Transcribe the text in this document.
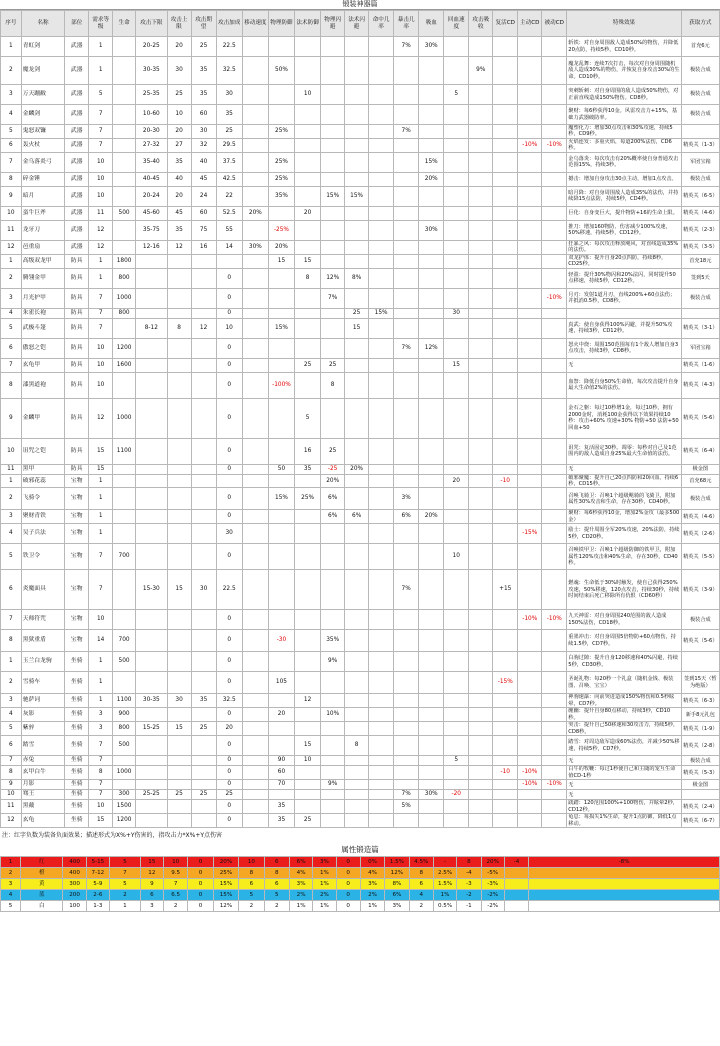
锻装神器篇
序号	名称	部位	需求等级	生命	攻击下限	攻击上限	攻击期望	攻击加成	移动速度	物理防御	法术防御	物理闪避	法术闪避	命中几率	暴击几率	吸血	回血速度	攻击吸收	复活CD	主动CD	被动CD	特殊效果	获取方式
1	青虹剑	武器	1		20-25	20	25	22.5							7%	30%						斩铁：对自身周围敌人造成50%的物伤，并降低20点防，持续5秒，CD10秒。	首充6元
2	魔龙剑	武器	1		30-35	30	35	32.5		50%								9%				魔龙乱舞：连续7次打击，每次对自身周围随机敌人造成30%的物伤，并恢复自身攻击30%的生命。CD10秒。	极装合成
3	万天蹦敝	武器	5		25-35	25	35	30			10						5					突刺斩刺：对自身周围的敌人造成50%物伤，对正前直线造成150%物伤。CD8秒。	极装合成
4	金麟剑	武器	7		10-60	10	60	35														聚财：每6秒获得10金。风雷攻击力+15%，基础力武器破防率。	极装合成
5	鬼怒双镰	武器	7		20-30	20	30	25		25%					7%							魔塑化力：增加30点攻击和30%攻速，持续5秒，CD9秒。	
6	轰火杖	武器	7		27-32	27	32	29.5												-10%	-10%	火焰连发：多重火焰，每道200%法伤，CD6秒。	精英关（1-3）
7	金乌落炎弓	武器	10		35-40	35	40	37.5		25%						15%						金乌落炎：每次攻击有20%概率使自身普通攻击范围15%，持续3秒。	军团宝箱
8	碎金锤	武器	10		40-45	40	45	42.5		25%						20%						撼击：增加自身攻击30点主动，增加1点攻击。	极装合成
9	暗月	武器	10		20-24	20	24	22		35%		15%	15%									暗月降：对自身周围敌人造成35%的法伤，并持续降15点法防，持续5秒，CD4秒。	精英关（6-5）
10	蛮牛巨斧	武器	11	500	45-60	45	60	52.5	20%		20											巨化：自身变巨大，提升物防+16的生命上限。	精英关（4-6）
11	龙牙刀	武器	12		35-75	35	75	55		-25%						30%						推刀：增加160物防、伤害减少100%攻速，50%移速，持续5秒，CD12秒。	精英关（2-3）
12	邑重扇	武器	12		12-16	12	16	14	30%	20%												狂暴之风：每次攻击释放飓风，对直线造成35%的法伤。	精英关（3-5）
1	高级双龙甲	防具	1	1800						15	15											双龙护体：提升自身20点四防，持续8秒，CD25秒。	首充18元
2	腾翎金甲	防具	1	800				0			8	12%	8%									轻盈：提升30%物闪和20%法闪，同时提升50点移速，持续5秒，CD12秒。	签到5天
3	月光护甲	防具	7	1000				0				7%									-10%	月刃：发射1道月刃，直线200%+60点法伤；并抵消0.5秒，CD8秒。	极装合成
4	朱雀长袍	防具	7	800				0					25	15%			30						
5	武极斗篷	防具	7		8-12	8	12	10		15%			15									真武：使自身获得100%闪避，并提升50%攻速，持续3秒，CD12秒。	精英关（3-1）
6	傲怒之铠	防具	10	1200				0							7%	12%						怒火中烧：周围150范围每有1个敌人增加自身3点攻击，持续3秒，CD8秒。	军团宝箱
7	玄龟甲	防具	10	1600				0			25	25					15					无	精英关（1-6）
8	漆黑道袍	防具	10					0		-100%		8										血祭：降低自身50%生命值，每次攻击提升自身最大生命值2%的法伤。	精英关（4-3）
9	金麟甲	防具	12	1000				0			5											金石之躯：每过10秒增1金，每过10秒，拥有2000金时，消耗100金获得以下效果持续10秒：攻击+60% 攻速+30% 物防+50 法防+50 回血+50	精英关（5-6）
10	诅咒之铠	防具	15	1100				0			16	25										诅咒：复活固定30秒。凋零：每秒对自己及1范围内的敌人造成自身25%最大生命值的法伤。	精英关（6-4）
11	黑甲	防具	15					0		50	35	-25	20%									无	极金图
1	破邪花蕊	宝物	1									20%					20		-10			破邪聚魔：提升自己20点四防和20回血，持续6秒，CD15秒。	首充68元
2	飞骑令	宝物	1					0		15%	25%	6%			3%							召唤飞骑卫：召唤1个超级飓骑的飞骑卫，附加属性30%攻击和生命，存在30秒，CD40秒。	极装合成
3	聚财青铁	宝物	1					0				6%	6%		6%	20%						聚财：每6秒获得10金，增加2%金攻（最多500金）	精英关（4-6）
4	吴子兵法	宝物	1					30												-15%		励士：提升周围全军20%攻速，20%法防，持续5秒，CD20秒。	精英关（2-6）
5	铁卫令	宝物	7	700				0									10					召唤铁甲卫：召唤1个超级防御的铁甲卫，附加属性120%攻击和40%生命，存在30秒，CD40秒。	精英关（5-5）
6	炎魔面具	宝物	7		15-30	15	30	22.5							7%				+15			燃魂：生命低于30%时触发，使自己获得250%攻速，50%移速，120点攻击，持续30秒，持续时间结束后死亡移除所有仇恨（CD60秒）	精英关（3-9）
7	天师符咒	宝物	10					0												-10%	-10%	九天神雷：对自身周围240范围的敌人造成150%法伤，CD18秒。	极装合成
8	黑狱重盾	宝物	14	700				0		-30		35%										重墨冲击：对自身周围5倍物防+60点物伤，持续1.5秒，CD7秒。	精英关（5-6）
1	玉兰白龙驹	坐骑	1	500				0				9%										白驹过隙：提升自身120移速和40%闪避，持续5秒，CD30秒。	
2	雪骑车	坐骑	1					0		105									-15%			圣诞礼物：每20秒一个礼盒（随机金钱、极装图、召唤、宝宝）	签到15天（暂为绝版）
3	驰萨词	坐骑	1	1100	30-35	30	35	32.5			12											神驹速瀑：向前突进造成150%物伤和0.5秒眩晕，CD7秒。	精英关（6-3）
4	灰影	坐骑	3	900				0		20		10%										缠幽：提升自身80点移动，持续3秒，CD10秒。	新手8元礼包
5	紫骍	坐骑	3	800	15-25	15	25	20														突击：提升自己50移速和30攻击力，持续5秒，CD8秒。	精英关（1-9）
6	踏雪	坐骑	7	500				0			15		8									踏雪：对周边敌军造成60%法伤，并减少50%移速，持续5秒，CD7秒。	精英关（2-8）
7	赤兔	坐骑	7					0		90	10						5					无	极装合成
8	玄甲白牛	坐骑	8	1000				0		60									-10	-10%		白牛的牧鞭：每过1秒使自己和主随的宠互生命值CD-1秒	精英关（5-3）
9	月影	坐骑	7					0		70		9%								-10%	-10%	无	极金图
10	骞王	坐骑	7	300	25-25	25	25	25							7%	30%	-20					无	
11	黑戴	坐骑	10	1500				0		35					5%							践踏：120范围100%+100物伤，并眩晕2秒，CD12秒。	精英关（2-4）
12	玄龟	坐骑	15	1200				0		35	25											龟息：每损失1%生命，提升1点防御，降低1点移动。	精英关（6-7）
注：红字负数为装备负面效果；描述形式为X%+Y伤害的，指攻击力*X%+Y点伤害
属性锻造篇
1	红	400	5-15	5	15	10	0	20%	10	6	6%	3%	0	0%	1.5%	4.5%	-	8	20%	-4	-8%
2	橙	400	7-12	7	12	9.5	0	25%	8	8	4%	1%	0	4%	12%	8	2.5%	-4	-5%		
3	黄	300	5-9	5	9	7	0	15%	6	6	3%	1%	0	3%	8%	6	1.5%	-3	-3%		
4	蓝	200	2-6	2	6	6.5	0	15%	5	5	2%	2%	0	2%	6%	4	1%	-2	-2%		
5	白	100	1-3	1	3	2	0	12%	2	2	1%	1%	0	1%	3%	2	0.5%	-1	-2%		
